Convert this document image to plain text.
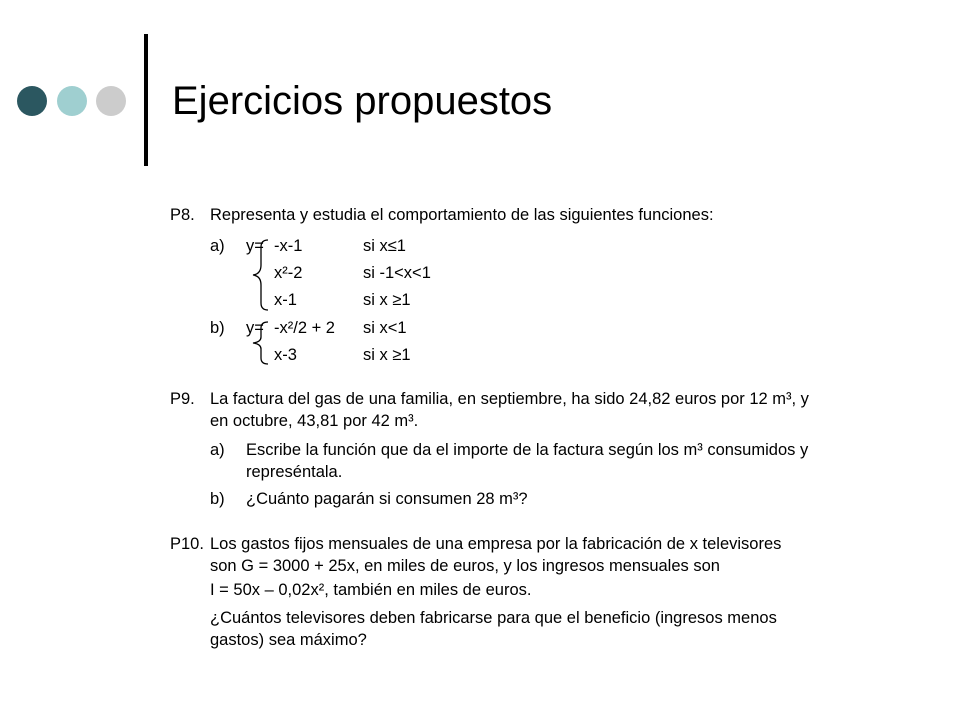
Ejercicios propuestos
P8. Representa y estudia el comportamiento de las siguientes funciones:
a) y= -x-1	si x≤1
x²-2	si -1<x<1
x-1	si x ≥1
b) y= -x²/2 + 2 si x<1
x-3	si x ≥1
P9. La factura del gas de una familia, en septiembre, ha sido 24,82 euros por 12 m³, y
en octubre, 43,81 por 42 m³.
a) Escribe la función que da el importe de la factura según los m³ consumidos y
represéntala.
b) ¿Cuánto pagarán si consumen 28 m³?
P10. Los gastos fijos mensuales de una empresa por la fabricación de x televisores
son G = 3000 + 25x, en miles de euros, y los ingresos mensuales son
I = 50x – 0,02x², también en miles de euros.
¿Cuántos televisores deben fabricarse para que el beneficio (ingresos menos
gastos) sea máximo?
